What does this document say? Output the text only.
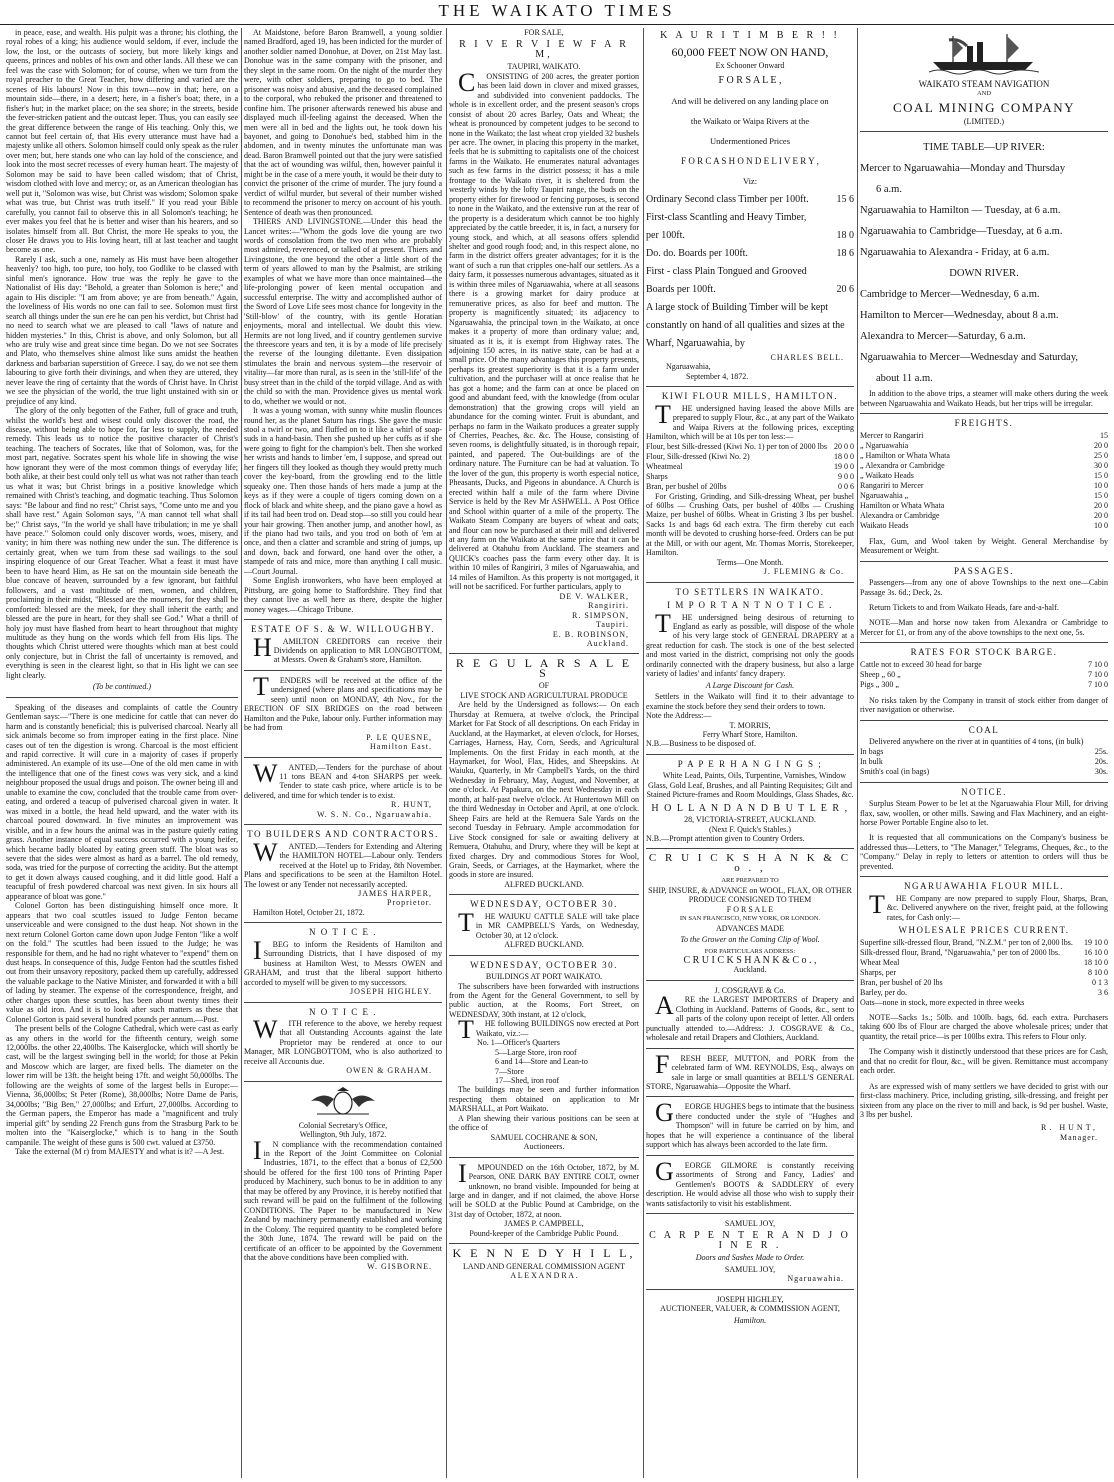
THE WAIKATO TIMES

in peace, ease, and wealth. His pulpit was a throne; his clothing, the royal robes of a king; his audience would seldom, if ever, include the low, the lost, or the outcasts of society, but more likely kings and queens, princes and nobles of his own and other lands. All these we can feel was the case with Solomon; for of course, when we turn from the royal preacher to the Great Teacher, how differing and varied are the scenes of His labours! Now in this town—now in that; here, on a mountain side—there, in a desert; here, in a fisher's boat; there, in a fisher's hut; in the market place; on the sea shore; in the streets, beside the fever-stricken patient and the outcast leper. Thus, you can easily see the great difference between the range of His teaching. Only this, we cannot but feel certain of, that His every utterance must have had a majesty unlike all others. Solomon himself could only speak as the ruler over men; but, here stands one who can lay hold of the conscience, and look into the most secret recesses of every human heart. The majesty of Solomon may be said to have been called wisdom; that of Christ, wisdom clothed with love and mercy; or, as an American theologian has well put it, "Solomon was wise, but Christ was wisdom; Solomon spake what was true, but Christ was truth itself." If you read your Bible carefully, you cannot fail to observe this in all Solomon's teaching; he ever makes you feel that he is better and wiser than his hearers, and so isolates himself from all. But Christ, the more He speaks to you, the closer He draws you to His loving heart, till at last teacher and taught become as one.

Rarely I ask, such a one, namely as His must have been altogether heavenly? too high, too pure, too holy, too Godlike to be classed with sinful men's ignorance. How true was the reply he gave to the Nationalist of His day: "Behold, a greater than Solomon is here;" and again to His disciple: "I am from above; ye are from beneath." Again, the loveliness of His words no one can fail to see. Solomon must first search all things under the sun ere he can pen his verdict, but Christ had no need to search what we are pleased to call "laws of nature and hidden mysteries." In this, Christ is above, and only Solomon, but all who are truly wise and great since time began. Do we not see Socrates and Plato, who themselves shine almost like suns amidst the heathen darkness and barbarian superstition of Greece. I say, do we not see them labouring to give forth their divinings, and when they are uttered, they never leave the ring of certainty that the words of Christ have. In Christ we see the physician of the world, the true light unstained with sin or prejudice of any kind.

The glory of the only begotten of the Father, full of grace and truth, whilst the world's best and wisest could only discover the road, the disease, without being able to hope for, far less to supply, the needed remedy. This leads us to notice the positive character of Christ's teaching. The teachers of Socrates, like that of Solomon, was, for the most part, negative. Socrates spent his whole life in showing the wise how ignorant they were of the most common things of everyday life; both alike, at their best could only tell us what was not rather than teach us what it was; but Christ brings in a positive knowledge which remained with Christ's teaching, and dogmatic teaching. Thus Solomon says: "Be labour and find no rest;" Christ says, "Come unto me and you shall have rest." Again Solomon says, "A man cannot tell what shall be;" Christ says, "In the world ye shall have tribulation; in me ye shall have peace." Solomon could only discover words, woes, misery, and vanity; in him there was nothing new under the sun. The difference is certainly great, when we turn from these sad wailings to the soul inspiring eloquence of our Great Teacher. What a feast it must have been to have heard Him, as He sat on the mountain side beneath the blue concave of heaven, surrounded by a few ignorant, but faithful followers, and a vast multitude of men, women, and children, proclaiming in their midst, "Blessed are the mourners, for they shall be comforted: blessed are the meek, for they shall inherit the earth; and blessed are the pure in heart, for they shall see God." What a thrill of holy joy must have flashed from heart to heart throughout that mighty multitude as they hung on the words which fell from His lips. The thoughts which Christ uttered were thoughts which man at best could only conjecture, but in Christ the fall of uncertainty is removed, and everything is seen in the clearest light, so that in His light we can see light clearly.

(To be continued.)

Speaking of the diseases and complaints of cattle the Country Gentleman says:—"There is one medicine for cattle that can never do harm and is constantly beneficial; this is pulverised charcoal. Nearly all sick animals become so from improper eating in the first place. Nine cases out of ten the digestion is wrong. Charcoal is the most efficient and rapid corrective. It will cure in a majority of cases if properly administered. An example of its use—One of the old men came in with the intelligence that one of the finest cows was very sick, and a kind neighbour proposed the usual drugs and poison. The owner being ill and unable to examine the cow, concluded that the trouble came from over-eating, and ordered a teacup of pulverised charcoal given in water. It was mixed in a bottle, the head held upward, and the water with its charcoal poured downward. In five minutes an improvement was visible, and in a few hours the animal was in the pasture quietly eating grass. Another instance of equal success occurred with a young heifer, which became badly bloated by eating green stuff. The bloat was so severe that the sides were almost as hard as a barrel. The old remedy, soda, was tried for the purpose of correcting the acidity. But the attempt to get it down always caused coughing, and it did little good. Half a teacupful of fresh powdered charcoal was next given. In six hours all appearance of bloat was gone."

Colonel Gorton has been distinguishing himself once more. It appears that two coal scuttles issued to Judge Fenton became unserviceable and were consigned to the dust heap. Not shown in the next return Colonel Gorton came down upon Judge Fenton "like a wolf on the fold." The scuttles had been issued to the Judge; he was responsible for them, and he had no right whatever to "expend" them on dust heaps. In consequence of this, Judge Fenton had the scuttles fished out from their unsavory repository, packed them up carefully, addressed the valuable package to the Native Minister, and forwarded it with a bill of lading by steamer. The expense of the correspondence, freight, and other charges upon these scuttles, has been about twenty times their value as old iron. And it is to look after such matters as these that Colonel Gorton is paid several hundred pounds per annum.—Post.

The present bells of the Cologne Cathedral, which were cast as early as any others in the world for the fifteenth century, weigh some 12,000lbs. the other 22,400lbs. The Kaiserglocke, which will shortly be cast, will be the largest swinging bell in the world; for those at Pekin and Moscow which are larger, are fixed bells. The diameter on the lower rim will be 13ft. the height being 17ft. and weight 50,000lbs. The following are the weights of some of the largest bells in Europe:—Vienna, 36,000lbs; St Peter (Rome), 38,000lbs; Notre Dame de Paris, 34,000lbs; "Big Ben," 27,000lbs; and Erfurt, 27,000lbs. According to the German papers, the Emperor has made a "magnificent and truly imperial gift" by sending 22 French guns from the Strasburg Park to be molten into the "Kaiserglocke," which is to hang in the South campanile. The weight of these guns is 500 cwt. valued at £3750.

Take the external (M r) from MAJESTY and what is it? —A Jest.

At Maidstone, before Baron Bramwell, a young soldier named Bradford, aged 19, has been indicted for the murder of another soldier named Donohue, at Dover, on 21st May last. Donohue was in the same company with the prisoner, and they slept in the same room. On the night of the murder they were, with other soldiers, preparing to go to bed. The prisoner was noisy and abusive, and the deceased complained to the corporal, who rebuked the prisoner and threatened to confine him. The prisoner afterwards renewed his abuse and displayed much ill-feeling against the deceased. When the men were all in bed and the lights out, he took down his bayonet, and going to Donohue's bed, stabbed him in the abdomen, and in twenty minutes the unfortunate man was dead. Baron Bramwell pointed out that the jury were satisfied that the act of wounding was wilful, then, however painful it might be in the case of a mere youth, it would be their duty to convict the prisoner of the crime of murder. The jury found a verdict of wilful murder, but several of their number wished to recommend the prisoner to mercy on account of his youth. Sentence of death was then pronounced.

THIERS AND LIVINGSTONE.—Under this head the Lancet writes:—"Whom the gods love die young are two words of consolation from the two men who are probably most admired, reverenced, or talked of at present. Thiers and Livingstone, the one beyond the other a little short of the term of years allowed to man by the Psalmist, are striking examples of what we have more than once maintained—the life-prolonging power of keen mental occupation and successful enterprise. The witty and accomplished author of the Sword of Love Life sees most chance for longevity in the 'Still-blow' of the country, with its gentle Horatian enjoyments, moral and intellectual. We doubt this view. Hermits are not long lived, and if country gentlemen survive the threescore years and ten, it is by a mode of life precisely the reverse of the lounging dilettante. Even dissipation stimulates the brain and nervous system—the reservoir of vitality—far more than rural, as is seen in the 'still-life' of the busy street than in the child of the torpid village. And as with the child so with the man. Providence gives us mental work to do, whether we would or not.

It was a young woman, with sunny white muslin flounces round her, as the planet Saturn has rings. She gave the music stool a twirl or two, and fluffed on to it like a whirl of soap-suds in a hand-basin. Then she pushed up her cuffs as if she were going to fight for the champion's belt. Then she worked her wrists and hands to limber 'em, I suppose, and spread out her fingers till they looked as though they would pretty much cover the key-board, from the growling end to the little squeaky one. Then those hands of hers made a jump at the keys as if they were a couple of tigers coming down on a flock of black and white sheep, and the piano gave a howl as if its tail had been trod on. Dead stop—so still you could hear your hair growing. Then another jump, and another howl, as if the piano had two tails, and you trod on both of 'em at once, and then a clatter and scramble and string of jumps, up and down, back and forward, one hand over the other, a stampede of rats and mice, more than anything I call music.—Court Journal.

Some English ironworkers, who have been employed at Pittsburg, are going home to Staffordshire. They find that they cannot live as well here as there, despite the higher money wages.—Chicago Tribune.

ESTATE OF S. & W. WILLOUGHBY.

HAMILTON CREDITORS can receive their Dividends on application to MR LONGBOTTOM, at Messrs. Owen & Graham's store, Hamilton.

TENDERS will be received at the office of the undersigned (where plans and specifications may be seen) until noon on MONDAY, 4th Nov., for the ERECTION OF SIX BRIDGES on the road between Hamilton and the Puke, labour only. Further information may be had from

P. LE QUESNE,
Hamilton East.

WANTED,—Tenders for the purchase of about 11 tons BEAN and 4-ton SHARPS per week. Tender to state cash price, where article is to be delivered, and time for which tender is to exist.

R. HUNT,
W. S. N. Co., Ngaruawahia.
TO BUILDERS AND CONTRACTORS.

WANTED.—Tenders for Extending and Altering the HAMILTON HOTEL—Labour only. Tenders received at the Hotel up to Friday, 8th November. Plans and specifications to be seen at the Hamilton Hotel. The lowest or any Tender not necessarily accepted.

JAMES HARPER,
Proprietor.

Hamilton Hotel, October 21, 1872.

N O T I C E .

IBEG to inform the Residents of Hamilton and Surrounding Districts, that I have disposed of my business at Hamilton West, to Messrs OWEN and GRAHAM, and trust that the liberal support hitherto accorded to myself will be given to my successors.

JOSEPH HIGHLEY.
N O T I C E .

WITH reference to the above, we hereby request that all Outstanding Accounts against the late Proprietor may be rendered at once to our Manager, MR LONGBOTTOM, who is also authorized to receive all Accounts due.

OWEN & GRAHAM.
Colonial Secretary's Office,
Wellington, 9th July, 1872.

IN compliance with the recommendation contained in the Report of the Joint Committee on Colonial Industries, 1871, to the effect that a bonus of £2,500 should be offered for the first 100 tons of Printing Paper produced by Machinery, such bonus to be in addition to any that may be offered by any Province, it is hereby notified that such reward will be paid on the fulfilment of the following CONDITIONS. The Paper to be manufactured in New Zealand by machinery permanently established and working in the Colony. The required quantity to be completed before the 30th June, 1874. The reward will be paid on the certificate of an officer to be appointed by the Government that the above conditions have been complied with.

W. GISBORNE.
FOR SALE,
R I V E R V I E W F A R M,
TAUPIRI, WAIKATO.

CONSISTING of 200 acres, the greater portion has been laid down in clover and mixed grasses, and subdivided into convenient paddocks. The whole is in excellent order, and the present season's crops consist of about 20 acres Barley, Oats and Wheat; the wheat is pronounced by competent judges to be second to none in the Waikato; the last wheat crop yielded 32 bushels per acre. The owner, in placing this property in the market, feels that he is submitting to capitalists one of the choicest farms in the Waikato. He enumerates natural advantages such as few farms in the district possess; it has a mile frontage to the Waikato river, it is sheltered from the westerly winds by the lofty Taupiri range, the buds on the property either for firewood or fencing purposes, is second to none in the Waikato, and the extensive run at the rear of the property is a desideratum which cannot be too highly appreciated by the cattle breeder, it is, in fact, a nursery for young stock, and which, at all seasons offers splendid shelter and good rough food; and, in this respect alone, no farm in the district offers greater advantages; for it is the want of such a run that cripples one-half our settlers. As a dairy farm, it possesses numerous advantages, situated as it is within three miles of Ngaruawahia, where at all seasons there is a growing market for dairy produce at remunerative prices, as also for beef and mutton. The property is magnificently situated; its adjacency to Ngaruawahia, the principal town in the Waikato, at once makes it a property of more than ordinary value; and, situated as it is, it is exempt from Highway rates. The adjoining 150 acres, in its native state, can be had at a small price. Of the many advantages this property presents, perhaps its greatest superiority is that it is a farm under cultivation, and the purchaser will at once realise that he has got a home; and the farm can at once be placed on good and abundant feed, with the knowledge (from ocular demonstration) that the growing crops will yield an abundance for the coming winter. Fruit is abundant, and perhaps no farm in the Waikato produces a greater supply of Cherries, Peaches, &c. &c. The House, consisting of seven rooms, is delightfully situated, is in thorough repair, painted, and papered. The Out-buildings are of the ordinary nature. The Furniture can be had at valuation. To the lover of the gun, this property is worth especial notice, Pheasants, Ducks, and Pigeons in abundance. A Church is erected within half a mile of the farm where Divine Service is held by the Rev Mr ASHWELL. A Post Office and School within quarter of a mile of the property. The Waikato Steam Company are buyers of wheat and oats; and flour can now be purchased at their mill and delivered at any farm on the Waikato at the same price that it can be delivered at Otahuhu from Auckland. The steamers and QUICK's coaches pass the farm every other day. It is within 10 miles of Rangiriri, 3 miles of Ngaruawahia, and 14 miles of Hamilton. As this property is not mortgaged, it will not be sacrificed. For further particulars, apply to

DE V. WALKER,
Rangiriri.
R. SIMPSON,
Taupiri.
E. B. ROBINSON,
Auckland.
R E G U L A R S A L E S
OF
LIVE STOCK AND AGRICULTURAL PRODUCE

Are held by the Undersigned as follows:— On each Thursday at Remuera, at twelve o'clock, the Principal Market for Fat Stock of all descriptions. On each Friday in Auckland, at the Haymarket, at eleven o'clock, for Horses, Carriages, Harness, Hay, Corn, Seeds, and Agricultural Implements. On the first Friday in each month, at the Haymarket, for Wool, Flax, Hides, and Sheepskins. At Waiuku, Quarterly, in Mr Campbell's Yards, on the third Wednesday in February, May, August, and November, at one o'clock. At Papakura, on the next Wednesday in each month, at half-past twelve o'clock. At Huntertown Mill on the third Wednesday in October and April, at one o'clock. Sheep Fairs are held at the Remuera Sale Yards on the second Tuesday in February. Ample accommodation for Live Stock consigned for sale or awaiting delivery at Remuera, Otahuhu, and Drury, where they will be kept at fixed charges. Dry and commodious Stores for Wool, Grain, Seeds, or Carriages, at the Haymarket, where the goods in store are insured.

ALFRED BUCKLAND.
WEDNESDAY, OCTOBER 30.

THE WAIUKU CATTLE SALE will take place in MR CAMPBELL'S Yards, on Wednesday, October 30, at 12 o'clock.

ALFRED BUCKLAND.
WEDNESDAY, OCTOBER 30.
BUILDINGS AT PORT WAIKATO.

The subscribers have been forwarded with instructions from the Agent for the General Government, to sell by public auction, at the Rooms, Fort Street, on WEDNESDAY, 30th instant, at 12 o'clock,

THE following BUILDINGS now erected at Port Waikato, viz.:—

No. 1—Officer's Quarters
5—Large Store, iron roof
6 and 14—Store and Lean-to
7—Store
17—Shed, iron roof

The buildings may be seen and further information respecting them obtained on application to Mr MARSHALL, at Port Waikato.

A Plan shewing their various positions can be seen at the office of

SAMUEL COCHRANE & SON,
Auctioneers.

IMPOUNDED on the 16th October, 1872, by M. Pearson, ONE DARK BAY ENTIRE COLT, owner unknown, no brand visible. Impounded for being at large and in danger, and if not claimed, the above Horse will be SOLD at the Public Pound at Cambridge, on the 31st day of October, 1872, at noon.

JAMES P. CAMPBELL,
Pound-keeper of the Cambridge Public Pound.
K E N N E D Y H I L L,
LAND AND GENERAL COMMISSION AGENT
A L E X A N D R A .
K A U R I T I M B E R ! !
60,000 FEET NOW ON HAND,
Ex Schooner Onward
F O R S A L E ,
And will be delivered on any landing place on
the Waikato or Waipa Rivers at the
Undermentioned Prices
F O R C A S H O N D E L I V E R Y ,
Viz:
Ordinary Second class Timber per 100ft.	15 6
First-class Scantling and Heavy Timber,
per 100ft.	18 0
Do. do. Boards per 100ft.	18 6
First - class Plain Tongued and Grooved
Boards per 100ft.	20 6
A large stock of Building Timber will be kept
constantly on hand of all qualities and sizes at the
Wharf, Ngaruawahia, by
CHARLES BELL.
Ngaruawahia,
September 4, 1872.
KIWI FLOUR MILLS, HAMILTON.

THE undersigned having leased the above Mills are prepared to supply Flour, &c., at any part of the Waikato and Waipa Rivers at the following prices, excepting Hamilton, which will be at 10s per ton less:—

Flour, best Silk-dressed (Kiwi No. 1) per ton of 2000 lbs 20 0 0
Flour, Silk-dressed (Kiwi No. 2)	18 0 0
Wheatmeal	19 0 0
Sharps	9 0 0
Bran, per bushel of 20lbs	0 0 6

For Gristing, Grinding, and Silk-dressing Wheat, per bushel of 60lbs — Crushing Oats, per bushel of 40lbs — Crushing Maize, per bushel of 60lbs. Wheat in Gristing 3 lbs per bushel. Sacks 1s and bags 6d each extra. The firm thereby cut each month will be devoted to crushing horse-feed. Orders can be put at the Mill, or with our agent, Mr. Thomas Morris, Storekeeper, Hamilton.

Terms—One Month.
J. FLEMING & Co.
TO SETTLERS IN WAIKATO.
I M P O R T A N T N O T I C E .

THE undersigned being desirous of returning to England as early as possible, will dispose of the whole of his very large stock of GENERAL DRAPERY at a great reduction for cash. The stock is one of the best selected and most varied in the district, comprising not only the goods ordinarily connected with the drapery business, but also a large variety of ladies' and infants' fancy drapery.

A Large Discount for Cash.

Settlers in the Waikato will find it to their advantage to examine the stock before they send their orders to town.

Note the Address:—
T. MORRIS,
Ferry Wharf Store, Hamilton.
N.B.—Business to be disposed of.
P A P E R H A N G I N G S ;

White Lead, Paints, Oils, Turpentine, Varnishes, Window Glass, Gold Leaf, Brushes, and all Painting Requisites; Gilt and Stained Picture-frames and Room Mouldings, Glass Shades, &c.

H O L L A N D A N D B U T L E R ,
28, VICTORIA-STREET, AUCKLAND.
(Next F. Quick's Stables.)
N.B.—Prompt attention given to Country Orders.
C R U I C K S H A N K & C o . ,
ARE PREPARED TO
SHIP, INSURE, & ADVANCE on WOOL, FLAX, OR OTHER PRODUCE CONSIGNED TO THEM
F O R S A L E
IN SAN FRANCISCO, NEW YORK, OR LONDON.
ADVANCES MADE
To the Grower on the Coming Clip of Wool.
FOR PARTICULARS ADDRESS:
C R U I C K S H A N K & C o . ,
Auckland.
J. COSGRAVE & Co.

ARE the LARGEST IMPORTERS of Drapery and Clothing in Auckland. Patterns of Goods, &c., sent to all parts of the colony upon receipt of letter. All orders punctually attended to.—Address: J. COSGRAVE & Co., wholesale and retail Drapers and Clothiers, Auckland.

FRESH BEEF, MUTTON, and PORK from the celebrated farm of WM. REYNOLDS, Esq., always on sale in large or small quantities at BELL'S GENERAL STORE, Ngaruawahia—Opposite the Wharf.

GEORGE HUGHES begs to intimate that the business there conducted under the style of "Hughes and Thompson" will in future be carried on by him, and hopes that he will experience a continuance of the liberal support which has always been accorded to the late firm.

GEORGE GILMORE is constantly receiving assortments of Strong and Fancy, Ladies' and Gentlemen's BOOTS & SADDLERY of every description. He would advise all those who wish to supply their wants satisfactorily to visit his establishment.

SAMUEL JOY,
C A R P E N T E R A N D J O I N E R .
Doors and Sashes Made to Order.
SAMUEL JOY,
Ngaruawahia.
JOSEPH HIGHLEY,
AUCTIONEER, VALUER, & COMMISSION AGENT,
Hamilton.
WAIKATO STEAM NAVIGATION
AND
COAL MINING COMPANY
(LIMITED.)
TIME TABLE—UP RIVER:
Mercer to Ngaruawahia—Monday and Thursday
6 a.m.
Ngaruawahia to Hamilton — Tuesday, at 6 a.m.
Ngaruawahia to Cambridge—Tuesday, at 6 a.m.
Ngaruawahia to Alexandra - Friday, at 6 a.m.
DOWN RIVER.
Cambridge to Mercer—Wednesday, 6 a.m.
Hamilton to Mercer—Wednesday, about 8 a.m.
Alexandra to Mercer—Saturday, 6 a.m.
Ngaruawahia to Mercer—Wednesday and Saturday,
about 11 a.m.

In addition to the above trips, a steamer will make others during the week between Ngaruawahia and Waikato Heads, but her trips will be irregular.

FREIGHTS.
Mercer to Rangariri	15
„ Ngaruawahia	20 0
„ Hamilton or Whata Whata	25 0
„ Alexandra or Cambridge	30 0
„ Waikato Heads	15 0
Rangariri to Mercer	10 0
Ngaruawahia „	15 0
Hamilton or Whata Whata	20 0
Alexandra or Cambridge	20 0
Waikato Heads	10 0

Flax, Gum, and Wool taken by Weight. General Merchandise by Measurement or Weight.

PASSAGES.

Passengers—from any one of above Townships to the next one—Cabin Passage 3s. 6d.; Deck, 2s.

Return Tickets to and from Waikato Heads, fare and-a-half.

NOTE—Man and horse now taken from Alexandra or Cambridge to Mercer for £1, or from any of the above townships to the next one, 5s.

RATES FOR STOCK BARGE.
Cattle not to exceed 30 head for barge	7 10 0
Sheep „ 60 „	7 10 0
Pigs „ 300 „	7 10 0

No risks taken by the Company in transit of stock either from danger of river navigation or otherwise.

COAL

Delivered anywhere on the river at in quantities of 4 tons, (in bulk)

In bags	25s.
In bulk	20s.
Smith's coal (in bags)	30s.
NOTICE.

Surplus Steam Power to be let at the Ngaruawahia Flour Mill, for driving flax, saw, woollen, or other mills. Sawing and Flax Machinery, and an eight-horse Power Portable Engine also to let.

It is requested that all communications on the Company's business be addressed thus—Letters, to "The Manager," Telegrams, Cheques, &c., to the "Company." Delay in reply to letters or attention to orders will thus be prevented.

NGARUAWAHIA FLOUR MILL.

THE Company are now prepared to supply Flour, Sharps, Bran, &c. Delivered anywhere on the river, freight paid, at the following rates, for Cash only:—

WHOLESALE PRICES CURRENT.
Superfine silk-dressed flour, Brand, "N.Z.M." per ton of 2,000 lbs. 19 10 0
Silk-dressed flour, Brand, "Ngaruawahia," per ton of 2000 lbs.	16 10 0
Wheat Meal	18 10 0
Sharps, per	8 10 0
Bran, per bushel of 20 lbs	0 1 3
Barley, per do.	3 6
Oats—none in stock, more expected in three weeks

NOTE—Sacks 1s.; 50lb. and 100lb. bags, 6d. each extra. Purchasers taking 600 lbs of Flour are charged the above wholesale prices; under that quantity, the retail price—is per 100lbs extra. This refers to Flour only.

The Company wish it distinctly understood that these prices are for Cash, and that no credit for flour, &c., will be given. Remittance must accompany each order.

As are expressed wish of many settlers we have decided to grist with our first-class machinery. Price, including gristing, silk-dressing, and freight per sixteen from any place on the river to mill and back, is 9d per bushel. Waste, 3 lbs per bushel.

R. HUNT,
Manager.
